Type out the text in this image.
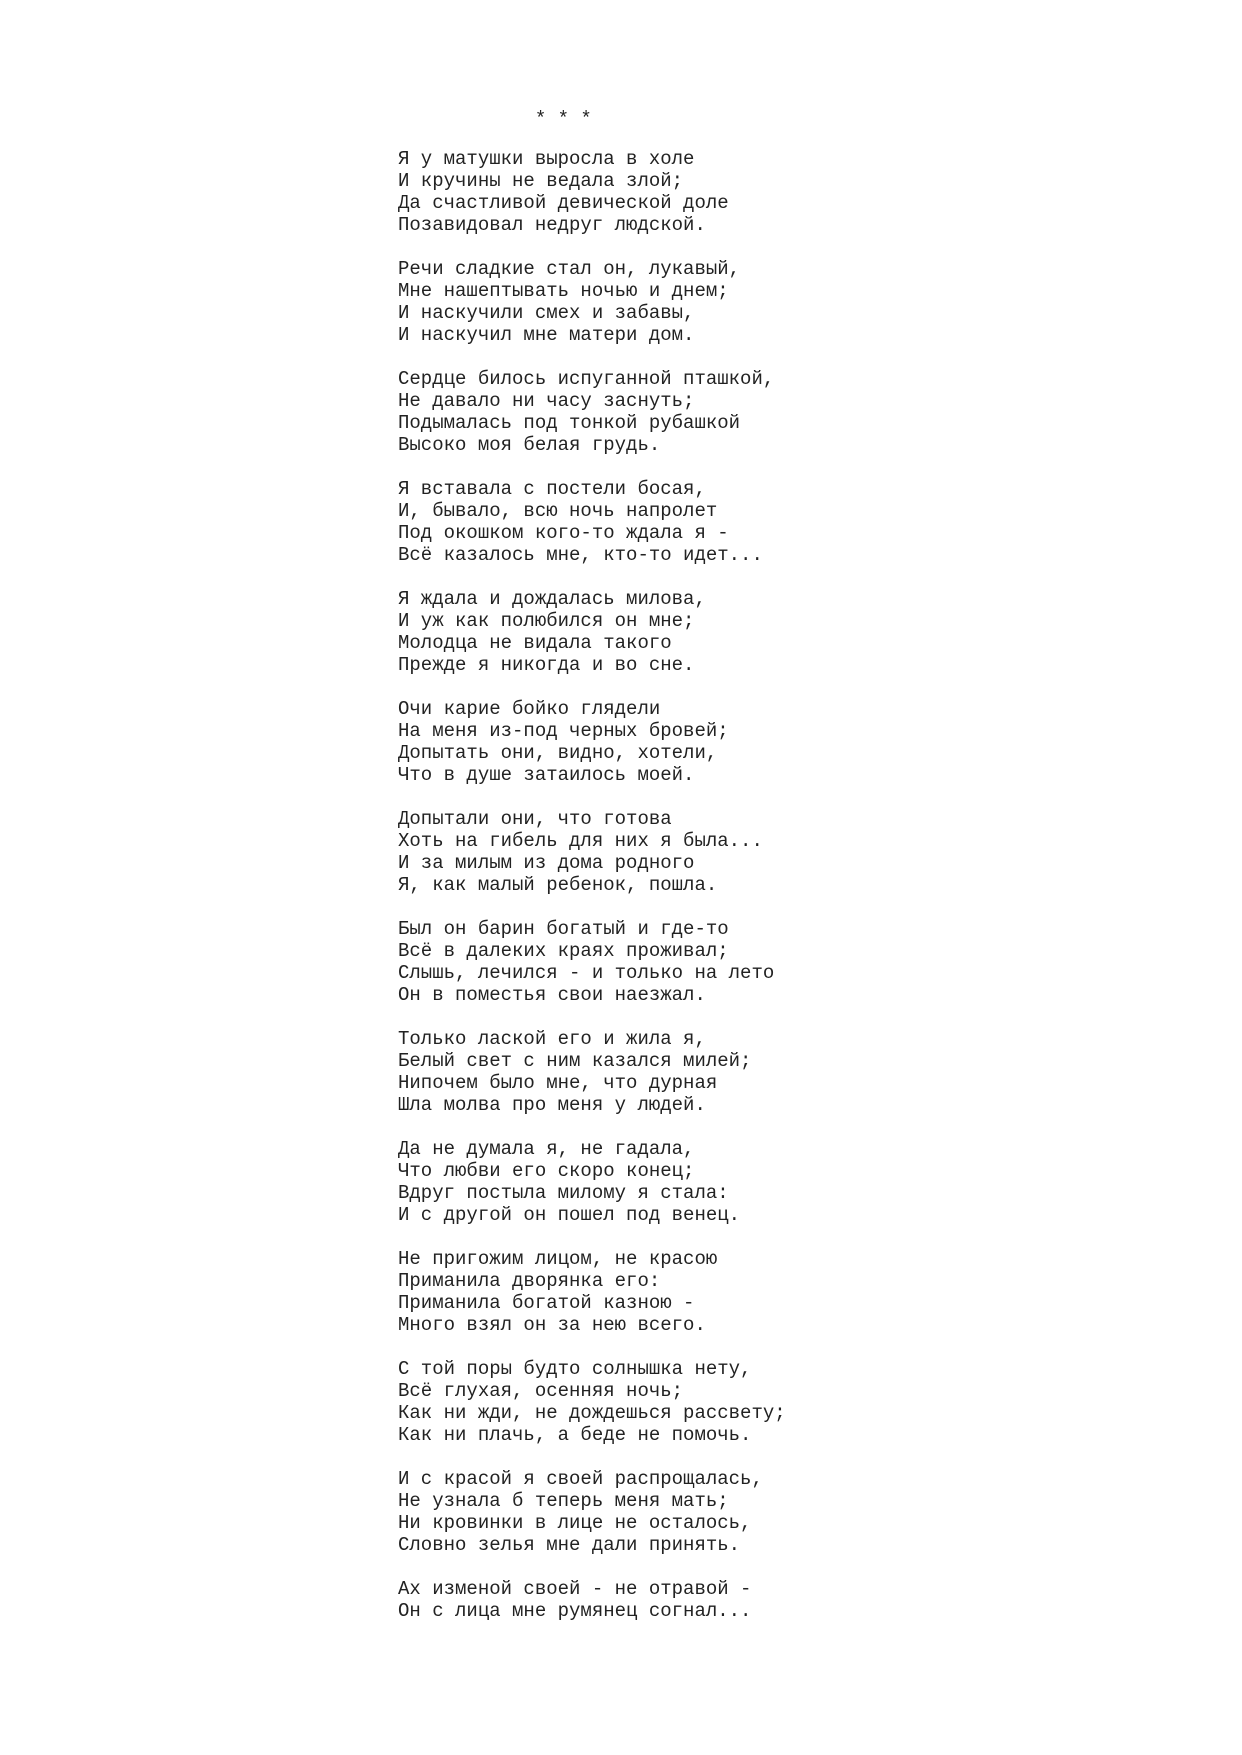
* * *
Я у матушки выросла в холе
И кручины не ведала злой;
Да счастливой девической доле
Позавидовал недруг людской.
Речи сладкие стал он, лукавый,
Мне нашептывать ночью и днем;
И наскучили смех и забавы,
И наскучил мне матери дом.
Сердце билось испуганной пташкой,
Не давало ни часу заснуть;
Подымалась под тонкой рубашкой
Высоко моя белая грудь.
Я вставала с постели босая,
И, бывало, всю ночь напролет
Под окошком кого-то ждала я -
Всё казалось мне, кто-то идет...
Я ждала и дождалась милова,
И уж как полюбился он мне;
Молодца не видала такого
Прежде я никогда и во сне.
Очи карие бойко глядели
На меня из-под черных бровей;
Допытать они, видно, хотели,
Что в душе затаилось моей.
Допытали они, что готова
Хоть на гибель для них я была...
И за милым из дома родного
Я, как малый ребенок, пошла.
Был он барин богатый и где-то
Всё в далеких краях проживал;
Слышь, лечился - и только на лето
Он в поместья свои наезжал.
Только лаской его и жила я,
Белый свет с ним казался милей;
Нипочем было мне, что дурная
Шла молва про меня у людей.
Да не думала я, не гадала,
Что любви его скоро конец;
Вдруг постыла милому я стала:
И с другой он пошел под венец.
Не пригожим лицом, не красою
Приманила дворянка его:
Приманила богатой казною -
Много взял он за нею всего.
С той поры будто солнышка нету,
Всё глухая, осенняя ночь;
Как ни жди, не дождешься рассвету;
Как ни плачь, а беде не помочь.
И с красой я своей распрощалась,
Не узнала б теперь меня мать;
Ни кровинки в лице не осталось,
Словно зелья мне дали принять.
Ах изменой своей - не отравой -
Он с лица мне румянец согнал...
